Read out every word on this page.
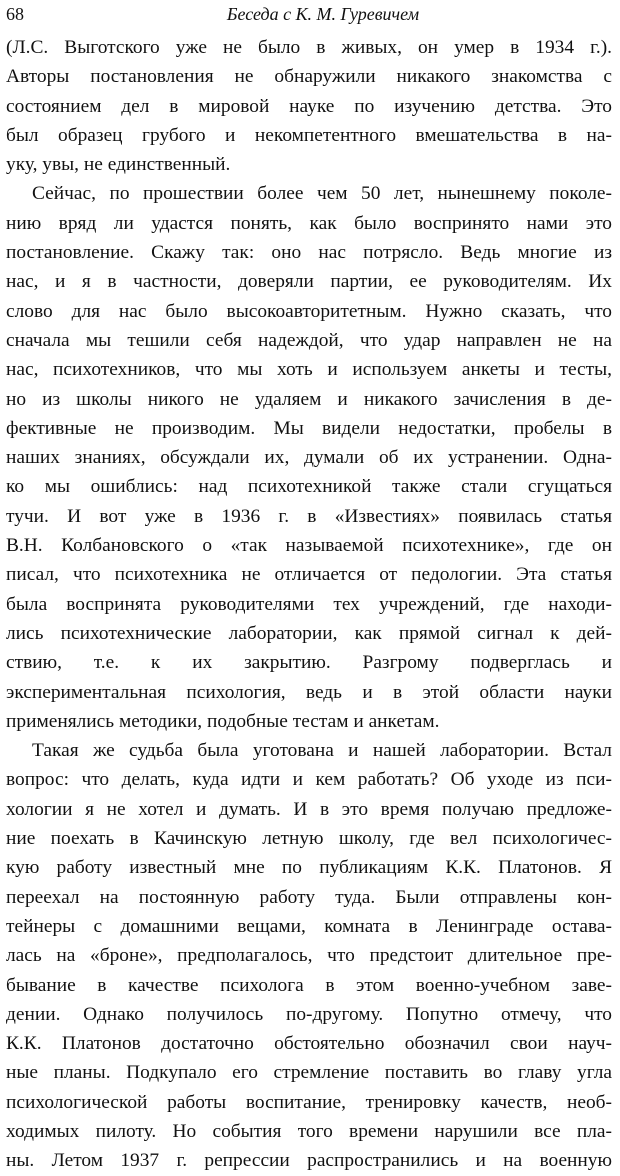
68	Беседа с К. М. Гуревичем
(Л.С. Выготского уже не было в живых, он умер в 1934 г.).
Авторы постановления не обнаружили никакого знакомства с
состоянием дел в мировой науке по изучению детства. Это
был образец грубого и некомпетентного вмешательства в на-
уку, увы, не единственный.
Сейчас, по прошествии более чем 50 лет, нынешнему поколе-
нию вряд ли удастся понять, как было воспринято нами это
постановление. Скажу так: оно нас потрясло. Ведь многие из
нас, и я в частности, доверяли партии, ее руководителям. Их
слово для нас было высокоавторитетным. Нужно сказать, что
сначала мы тешили себя надеждой, что удар направлен не на
нас, психотехников, что мы хоть и используем анкеты и тесты,
но из школы никого не удаляем и никакого зачисления в де-
фективные не производим. Мы видели недостатки, пробелы в
наших знаниях, обсуждали их, думали об их устранении. Одна-
ко мы ошиблись: над психотехникой также стали сгущаться
тучи. И вот уже в 1936 г. в «Известиях» появилась статья
В.Н. Колбановского о «так называемой психотехнике», где он
писал, что психотехника не отличается от педологии. Эта статья
была воспринята руководителями тех учреждений, где находи-
лись психотехнические лаборатории, как прямой сигнал к дей-
ствию, т.е. к их закрытию. Разгрому подверглась и
экспериментальная психология, ведь и в этой области науки
применялись методики, подобные тестам и анкетам.
Такая же судьба была уготована и нашей лаборатории. Встал
вопрос: что делать, куда идти и кем работать? Об уходе из пси-
хологии я не хотел и думать. И в это время получаю предложе-
ние поехать в Качинскую летную школу, где вел психологичес-
кую работу известный мне по публикациям К.К. Платонов. Я
переехал на постоянную работу туда. Были отправлены кон-
тейнеры с домашними вещами, комната в Ленинграде остава-
лась на «броне», предполагалось, что предстоит длительное пре-
бывание в качестве психолога в этом военно-учебном заве-
дении. Однако получилось по-другому. Попутно отмечу, что
К.К. Платонов достаточно обстоятельно обозначил свои науч-
ные планы. Подкупало его стремление поставить во главу угла
психологической работы воспитание, тренировку качеств, необ-
ходимых пилоту. Но события того времени нарушили все пла-
ны. Летом 1937 г. репрессии распространились и на военную
